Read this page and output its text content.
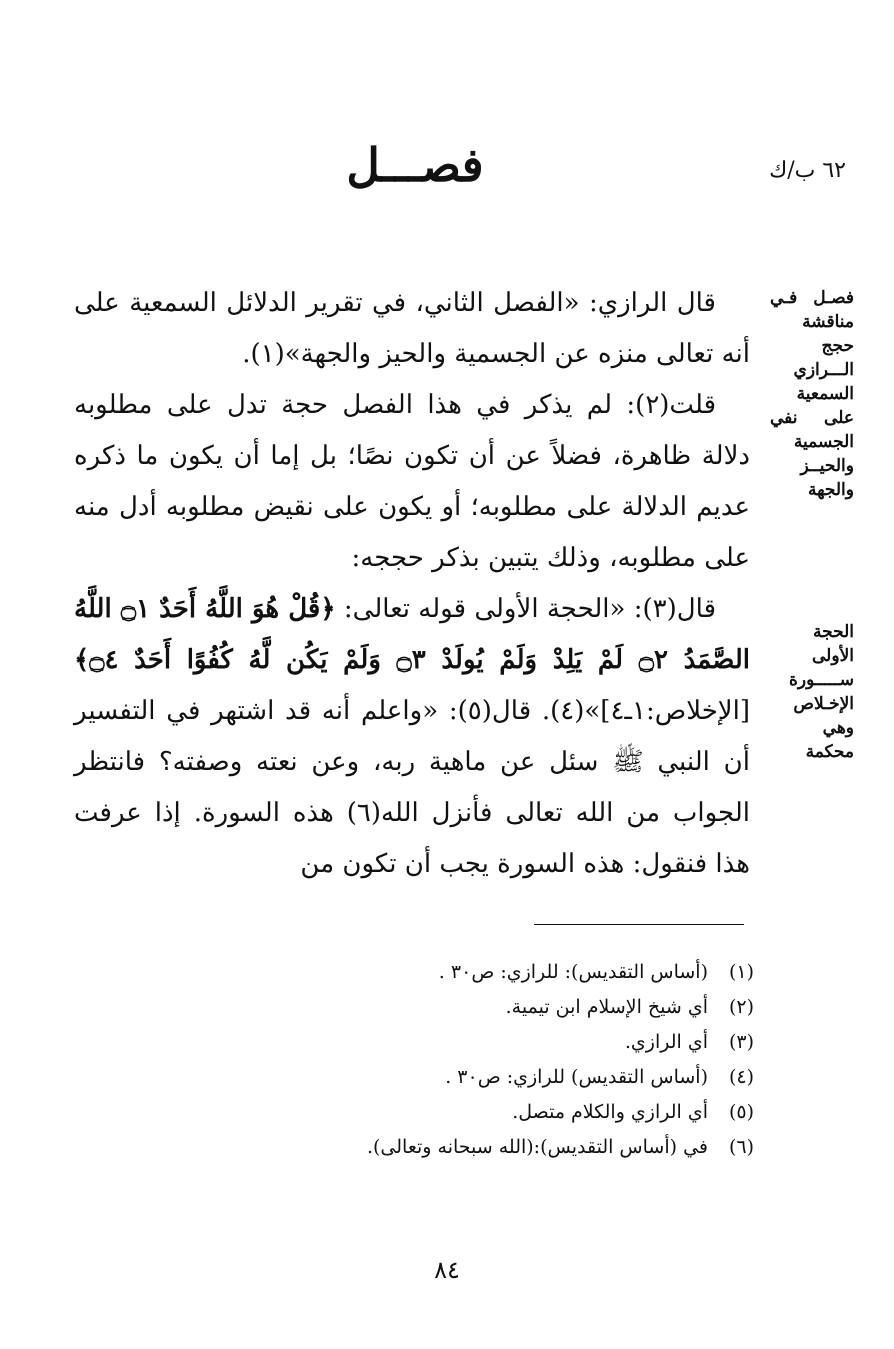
٦٢ ب/ك
فصـــل
فصـل فـي مناقشة حجج الـــرازي السمعية على نفي الجسمية والحيــز والجهة
الحجة الأولى ســـــورة الإخـلاص وهي محكمة

قال الرازي: «الفصل الثاني، في تقرير الدلائل السمعية على أنه تعالى منزه عن الجسمية والحيز والجهة»(١).

قلت(٢): لم يذكر في هذا الفصل حجة تدل على مطلوبه دلالة ظاهرة، فضلاً عن أن تكون نصًا؛ بل إما أن يكون ما ذكره عديم الدلالة على مطلوبه؛ أو يكون على نقيض مطلوبه أدل منه على مطلوبه، وذلك يتبين بذكر حججه:

قال(٣): «الحجة الأولى قوله تعالى: ﴿قُلْ هُوَ اللَّهُ أَحَدٌ ۝١ اللَّهُ الصَّمَدُ ۝٢ لَمْ يَلِدْ وَلَمْ يُولَدْ ۝٣ وَلَمْ يَكُن لَّهُ كُفُوًا أَحَدٌ ۝٤﴾ [الإخلاص:١ـ٤]»(٤). قال(٥): «واعلم أنه قد اشتهر في التفسير أن النبي ﷺ سئل عن ماهية ربه، وعن نعته وصفته؟ فانتظر الجواب من الله تعالى فأنزل الله(٦) هذه السورة. إذا عرفت هذا فنقول: هذه السورة يجب أن تكون من

(١)(أساس التقديس): للرازي: ص٣٠ .
(٢)أي شيخ الإسلام ابن تيمية.
(٣)أي الرازي.
(٤)(أساس التقديس) للرازي: ص٣٠ .
(٥)أي الرازي والكلام متصل.
(٦)في (أساس التقديس):(الله سبحانه وتعالى).
٨٤
